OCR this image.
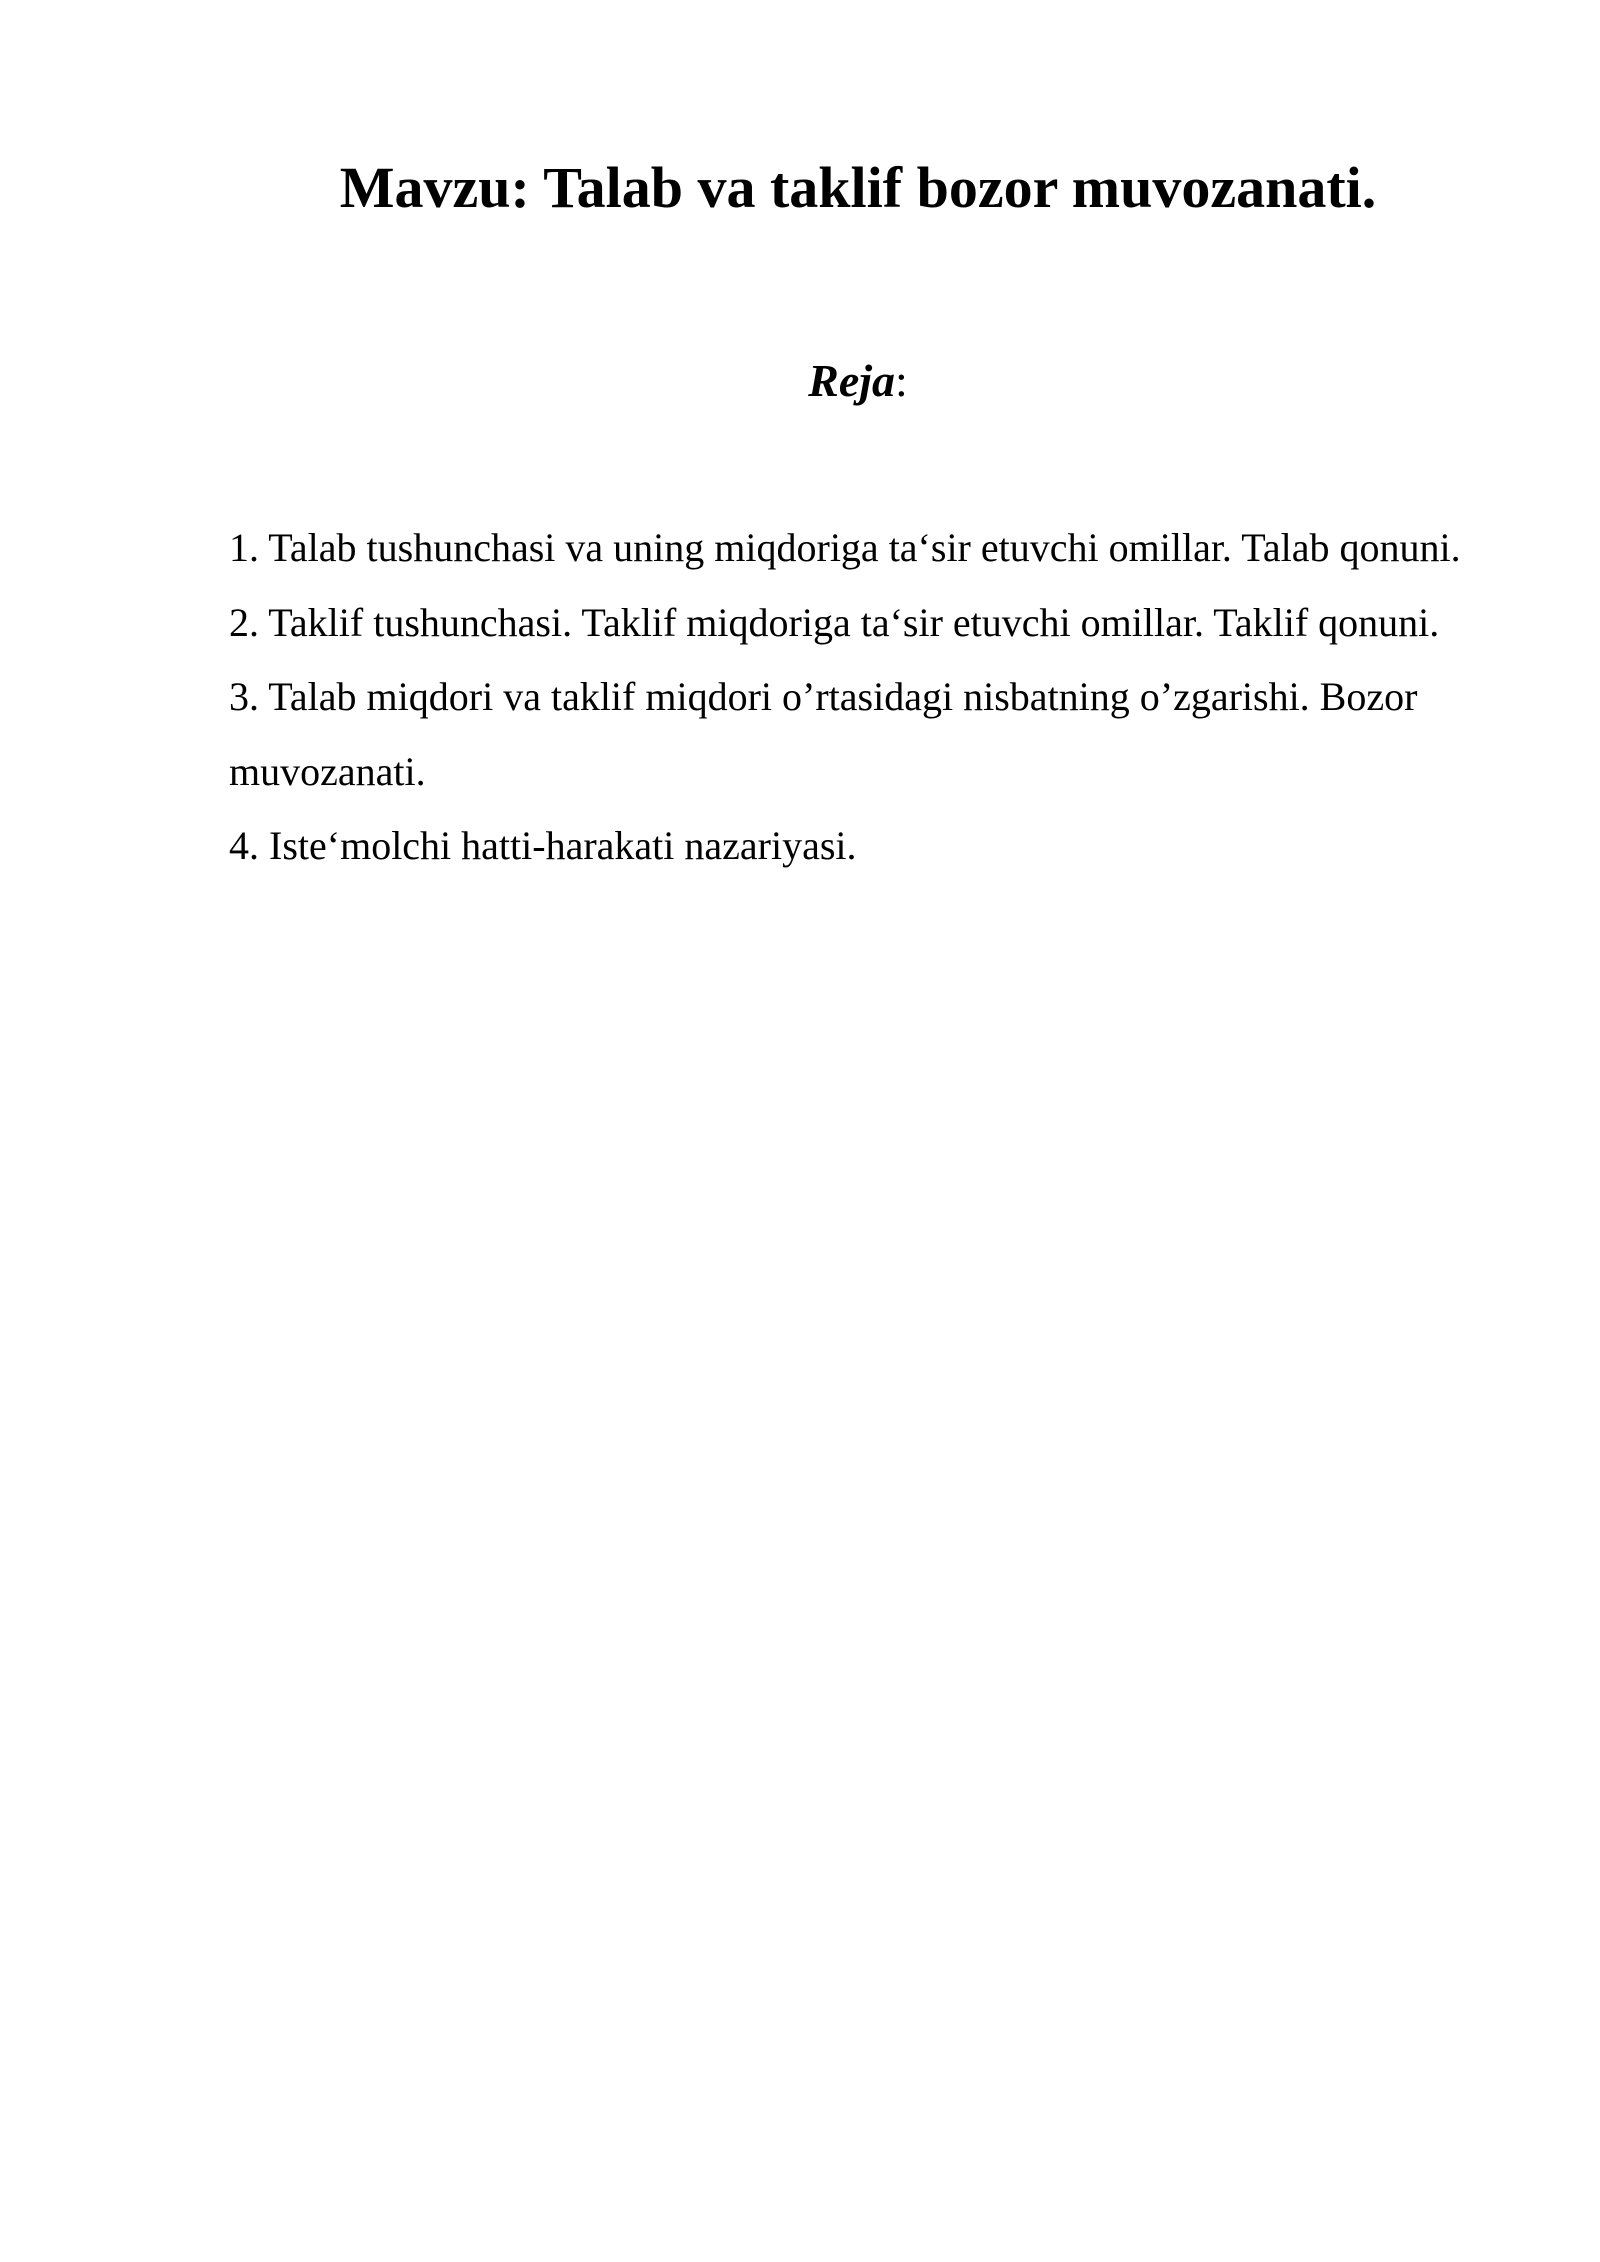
Mavzu: Talab va taklif bozor muvozanati.
Reja:
1. Talab tushunchasi va uning miqdoriga ta‘sir etuvchi omillar. Talab qonuni.
2. Taklif tushunchasi. Taklif miqdoriga ta‘sir etuvchi omillar. Taklif qonuni.
3. Talab miqdori va taklif miqdori o’rtasidagi nisbatning o’zgarishi. Bozor muvozanati.
4. Iste‘molchi hatti-harakati nazariyasi.
